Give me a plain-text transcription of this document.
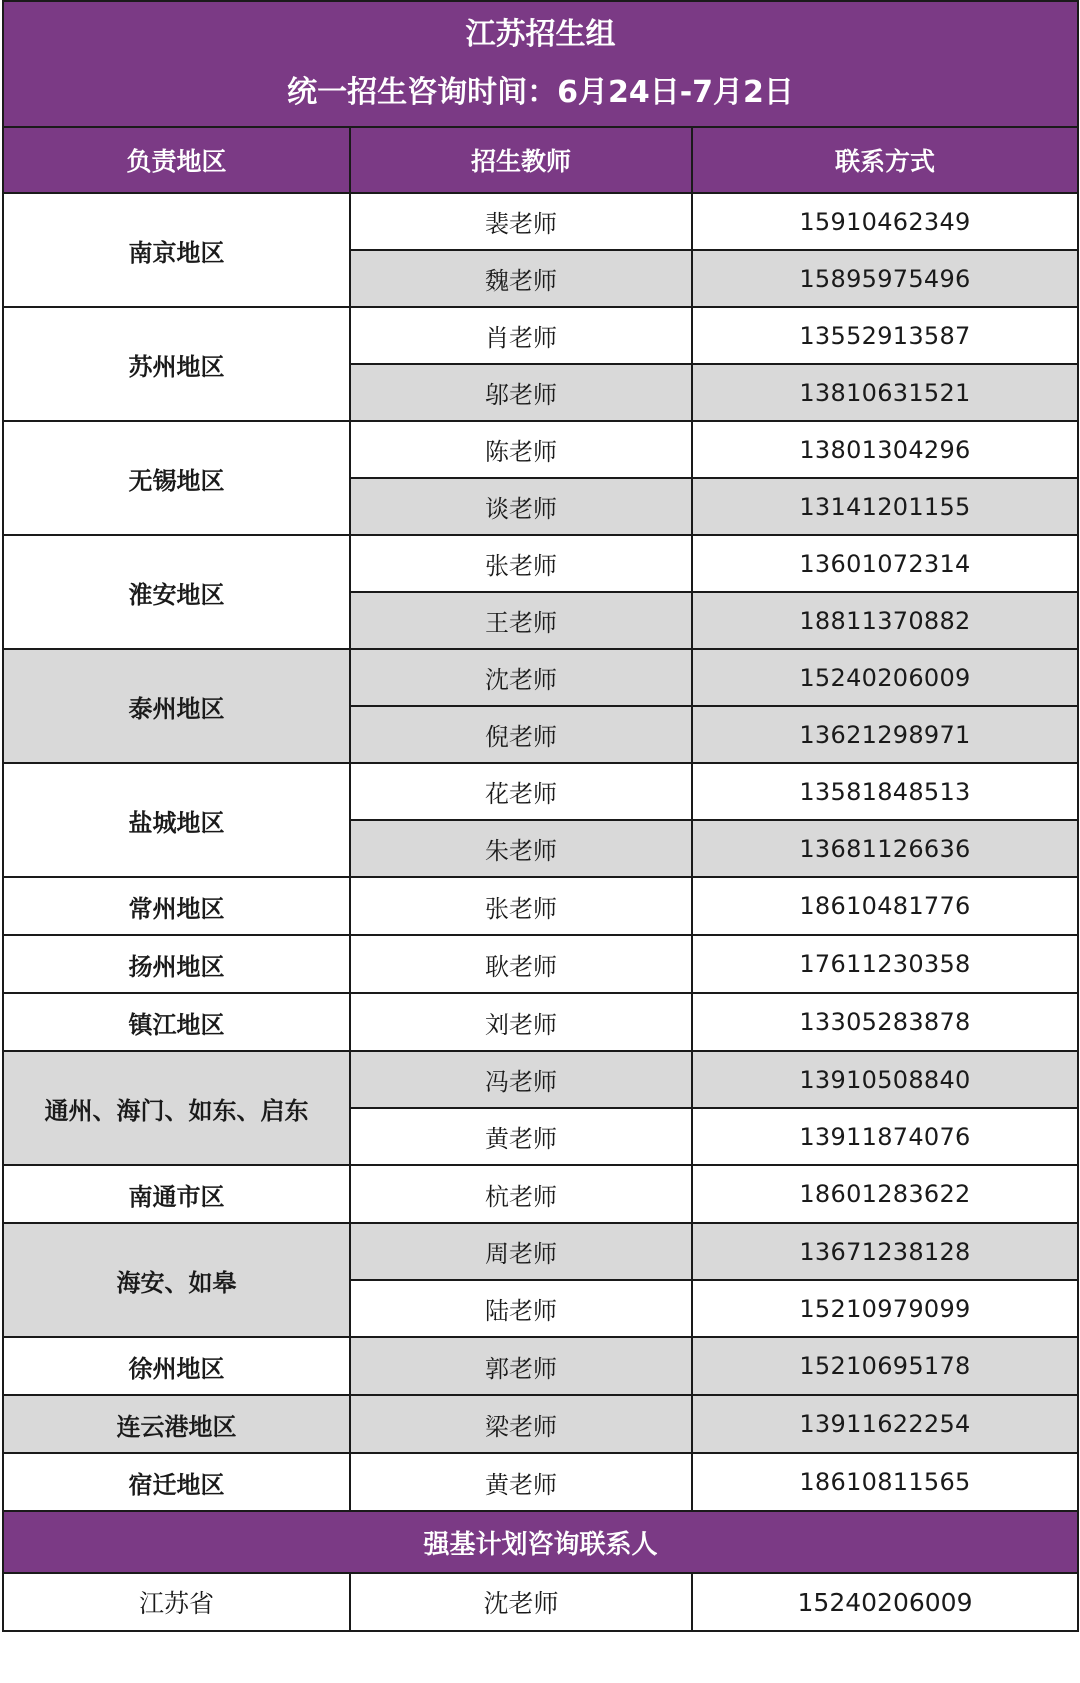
江苏招生组
统一招生咨询时间：6月24日-7月2日		

负责地区	招生教师	联系方式
南京地区	裴老师	15910462349
	魏老师	15895975496
苏州地区	肖老师	13552913587
	邬老师	13810631521
无锡地区	陈老师	13801304296
	谈老师	13141201155
淮安地区	张老师	13601072314
	王老师	18811370882
泰州地区	沈老师	15240206009
	倪老师	13621298971
盐城地区	花老师	13581848513
	朱老师	13681126636
常州地区	张老师	18610481776
扬州地区	耿老师	17611230358
镇江地区	刘老师	13305283878
通州、海门、如东、启东	冯老师	13910508840
	黄老师	13911874076
南通市区	杭老师	18601283622
海安、如皋	周老师	13671238128
	陆老师	15210979099
徐州地区	郭老师	15210695178
连云港地区	梁老师	13911622254
宿迁地区	黄老师	18610811565
强基计划咨询联系人		
江苏省	沈老师	15240206009
